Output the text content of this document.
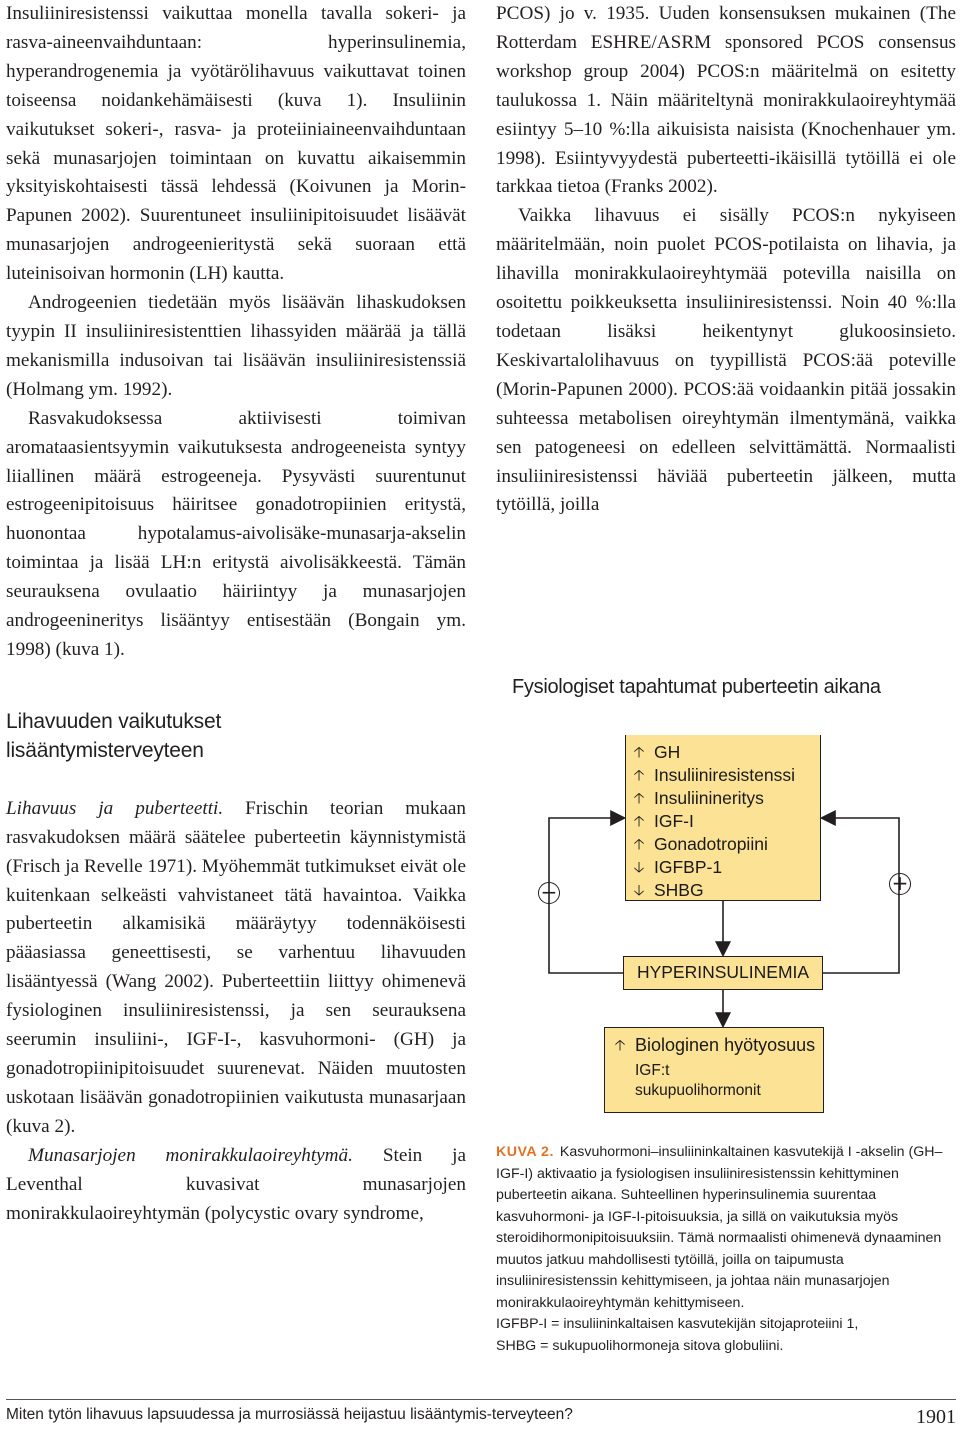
Insuliiniresistenssi vaikuttaa monella tavalla sokeri- ja rasva-aineenvaihduntaan: hyperinsulinemia, hyperandrogenemia ja vyötärölihavuus vaikuttavat toinen toiseensa noidankehämäisesti (kuva 1). Insuliinin vaikutukset sokeri-, rasva- ja proteiiniaineenvaihduntaan sekä munasarjojen toimintaan on kuvattu aikaisemmin yksityiskohtaisesti tässä lehdessä (Koivunen ja Morin-Papunen 2002). Suurentuneet insuliinipitoisuudet lisäävät munasarjojen androgeenieritystä sekä suoraan että luteinisoivan hormonin (LH) kautta.

Androgeenien tiedetään myös lisäävän lihaskudoksen tyypin II insuliiniresistenttien lihassyiden määrää ja tällä mekanismilla indusoivan tai lisäävän insuliiniresistenssiä (Holmang ym. 1992).

Rasvakudoksessa aktiivisesti toimivan aromataasientsyymin vaikutuksesta androgeeneista syntyy liiallinen määrä estrogeeneja. Pysyvästi suurentunut estrogeenipitoisuus häiritsee gonadotropiinien eritystä, huonontaa hypotalamus-aivolisäke-munasarja-akselin toimintaa ja lisää LH:n eritystä aivolisäkkeestä. Tämän seurauksena ovulaatio häiriintyy ja munasarjojen androgeenineritys lisääntyy entisestään (Bongain ym. 1998) (kuva 1).

Lihavuuden vaikutukset
lisääntymisterveyteen

Lihavuus ja puberteetti. Frischin teorian mukaan rasvakudoksen määrä säätelee puberteetin käynnistymistä (Frisch ja Revelle 1971). Myöhemmät tutkimukset eivät ole kuitenkaan selkeästi vahvistaneet tätä havaintoa. Vaikka puberteetin alkamisikä määräytyy todennäköisesti pääasiassa geneettisesti, se varhentuu lihavuuden lisääntyessä (Wang 2002). Puberteettiin liittyy ohimenevä fysiologinen insuliiniresistenssi, ja sen seurauksena seerumin insuliini-, IGF-I-, kasvuhormoni- (GH) ja gonadotropiinipitoisuudet suurenevat. Näiden muutosten uskotaan lisäävän gonadotropiinien vaikutusta munasarjaan (kuva 2).

Munasarjojen monirakkulaoireyhtymä. Stein ja Leventhal kuvasivat munasarjojen monirakkulaoireyhtymän (polycystic ovary syndrome,

PCOS) jo v. 1935. Uuden konsensuksen mukainen (The Rotterdam ESHRE/ASRM sponsored PCOS consensus workshop group 2004) PCOS:n määritelmä on esitetty taulukossa 1. Näin määriteltynä monirakkulaoireyhtymää esiintyy 5–10 %:lla aikuisista naisista (Knochenhauer ym. 1998). Esiintyvyydestä puberteetti-ikäisillä tytöillä ei ole tarkkaa tietoa (Franks 2002).

Vaikka lihavuus ei sisälly PCOS:n nykyiseen määritelmään, noin puolet PCOS-potilaista on lihavia, ja lihavilla monirakkulaoireyhtymää potevilla naisilla on osoitettu poikkeuksetta insuliiniresistenssi. Noin 40 %:lla todetaan lisäksi heikentynyt glukoosinsieto. Keskivartalolihavuus on tyypillistä PCOS:ää poteville (Morin-Papunen 2000). PCOS:ää voidaankin pitää jossakin suhteessa metabolisen oireyhtymän ilmentymänä, vaikka sen patogeneesi on edelleen selvittämättä. Normaalisti insuliiniresistenssi häviää puberteetin jälkeen, mutta tytöillä, joilla

Fysiologiset tapahtumat puberteetin aikana
🡡 GH
🡡 Insuliiniresistenssi
🡡 Insuliinineritys
🡡 IGF-I
🡡 Gonadotropiini
🡣 IGFBP-1
🡣 SHBG
−	+
HYPERINSULINEMIA
🡡 Biologinen hyötyosuus
IGF:t
sukupuolihormonit

KUVA 2. Kasvuhormoni–insuliininkaltainen kasvutekijä I -akselin (GH–IGF-I) aktivaatio ja fysiologisen insuliiniresistenssin kehittyminen puberteetin aikana. Suhteellinen hyperinsulinemia suurentaa kasvuhormoni- ja IGF-I-pitoisuuksia, ja sillä on vaikutuksia myös steroidihormonipitoisuuksiin. Tämä normaalisti ohimenevä dynaaminen muutos jatkuu mahdollisesti tytöillä, joilla on taipumusta insuliiniresistenssin kehittymiseen, ja johtaa näin munasarjojen monirakkulaoireyhtymän kehittymiseen.

IGFBP-I = insuliininkaltaisen kasvutekijän sitojaproteiini 1,

SHBG = sukupuolihormoneja sitova globuliini.

Miten tytön lihavuus lapsuudessa ja murrosiässä heijastuu lisääntymis-terveyteen?	1901
